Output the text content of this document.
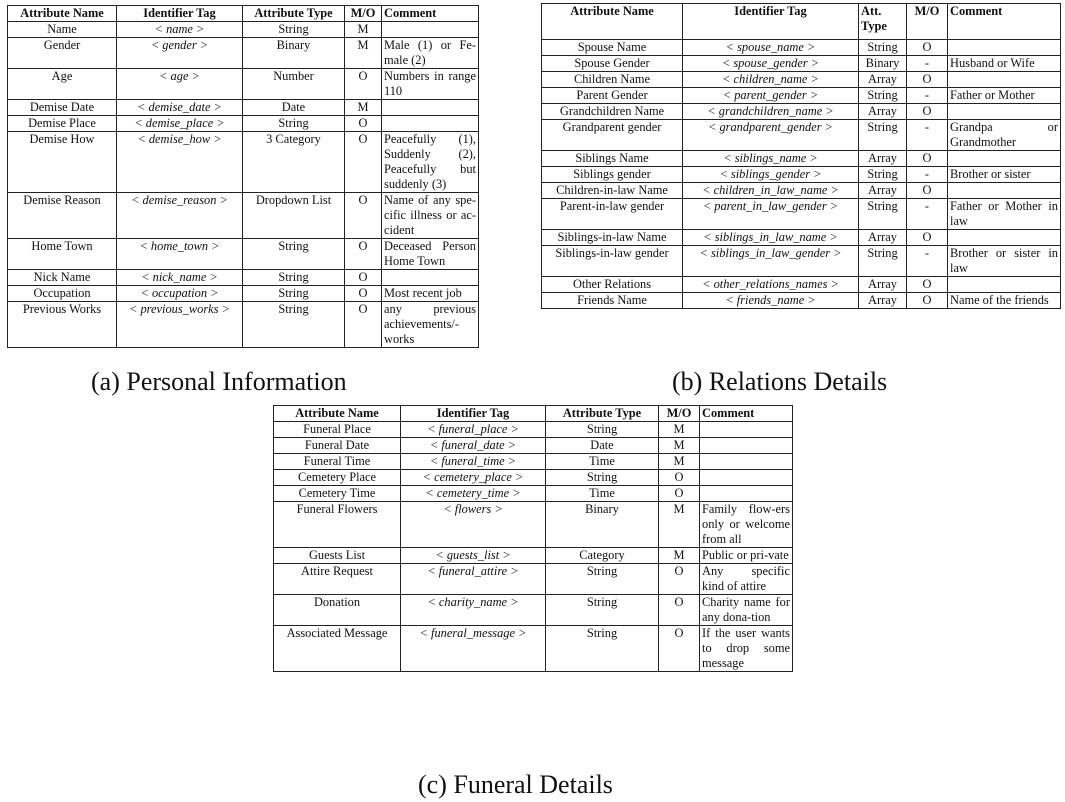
Attribute Name	Identifier Tag	Attribute Type	M/O	Comment
Name	< name >	String	M	
Gender	< gender >	Binary	M	Male (1) or Fe-male (2)
Age	< age >	Number	O	Numbers in range 110
Demise Date	< demise_date >	Date	M	
Demise Place	< demise_place >	String	O	
Demise How	< demise_how >	3 Category	O	Peacefully (1), Suddenly (2), Peacefully but suddenly (3)
Demise Reason	< demise_reason >	Dropdown List	O	Name of any spe-cific illness or ac-cident
Home Town	< home_town >	String	O	Deceased Person Home Town
Nick Name	< nick_name >	String	O	
Occupation	< occupation >	String	O	Most recent job
Previous Works	< previous_works >	String	O	any previous achievements/-works
(a) Personal Information
Attribute Name	Identifier Tag	Att. Type	M/O	Comment
Spouse Name	< spouse_name >	String	O	
Spouse Gender	< spouse_gender >	Binary	-	Husband or Wife
Children Name	< children_name >	Array	O	
Parent Gender	< parent_gender >	String	-	Father or Mother
Grandchildren Name	< grandchildren_name >	Array	O	
Grandparent gender	< grandparent_gender >	String	-	Grandpa or Grandmother
Siblings Name	< siblings_name >	Array	O	
Siblings gender	< siblings_gender >	String	-	Brother or sister
Children-in-law Name	< children_in_law_name >	Array	O	
Parent-in-law gender	< parent_in_law_gender >	String	-	Father or Mother in law
Siblings-in-law Name	< siblings_in_law_name >	Array	O	
Siblings-in-law gender	< siblings_in_law_gender >	String	-	Brother or sister in law
Other Relations	< other_relations_names >	Array	O	
Friends Name	< friends_name >	Array	O	Name of the friends
(b) Relations Details
Attribute Name	Identifier Tag	Attribute Type	M/O	Comment
Funeral Place	< funeral_place >	String	M	
Funeral Date	< funeral_date >	Date	M	
Funeral Time	< funeral_time >	Time	M	
Cemetery Place	< cemetery_place >	String	O	
Cemetery Time	< cemetery_time >	Time	O	
Funeral Flowers	< flowers >	Binary	M	Family flow-ers only or welcome from all
Guests List	< guests_list >	Category	M	Public or pri-vate
Attire Request	< funeral_attire >	String	O	Any specific kind of attire
Donation	< charity_name >	String	O	Charity name for any dona-tion
Associated Message	< funeral_message >	String	O	If the user wants to drop some message
(c) Funeral Details
